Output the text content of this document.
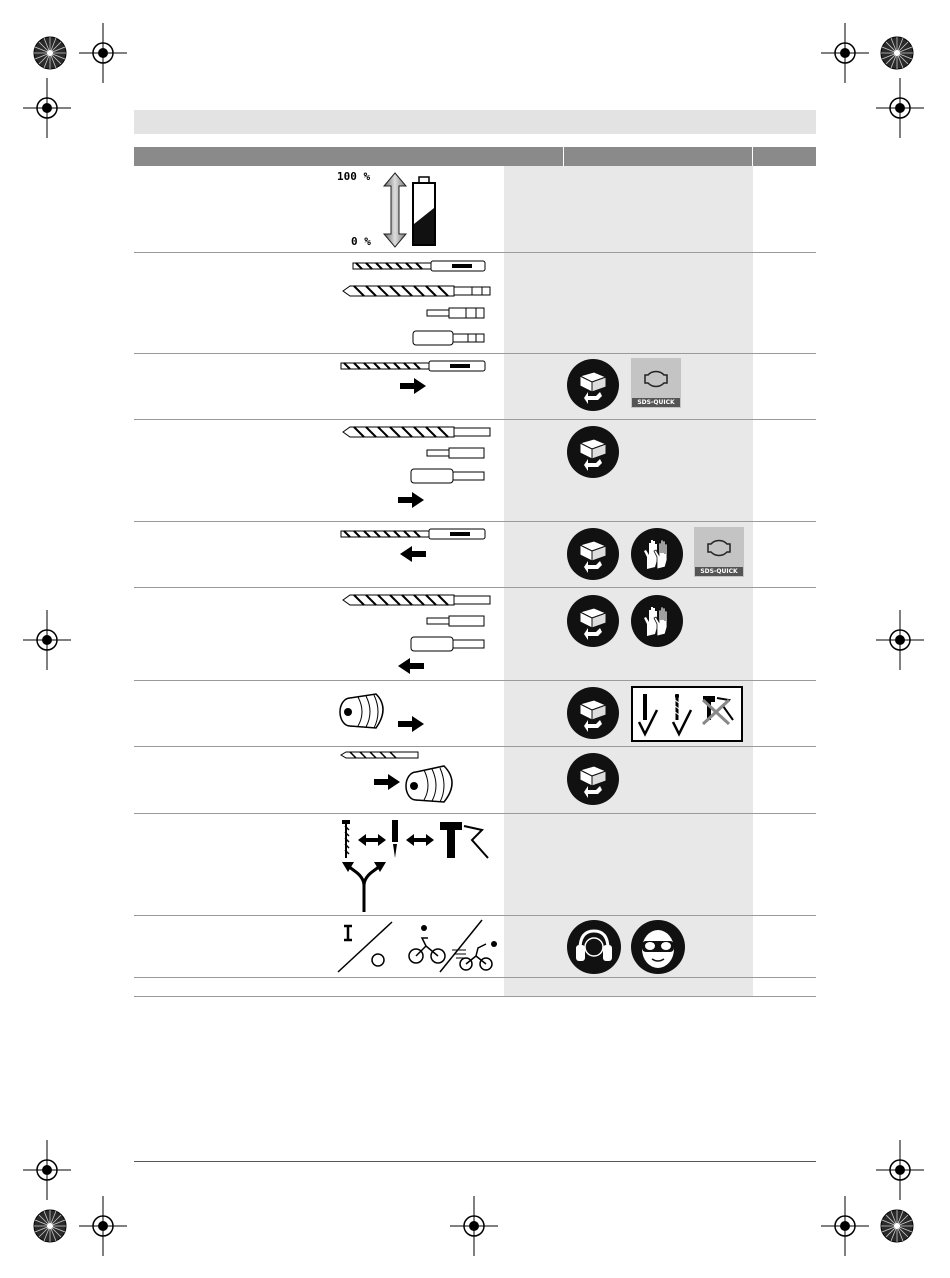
100 %
0 %
SDS-QUICK
SDS-QUICK
